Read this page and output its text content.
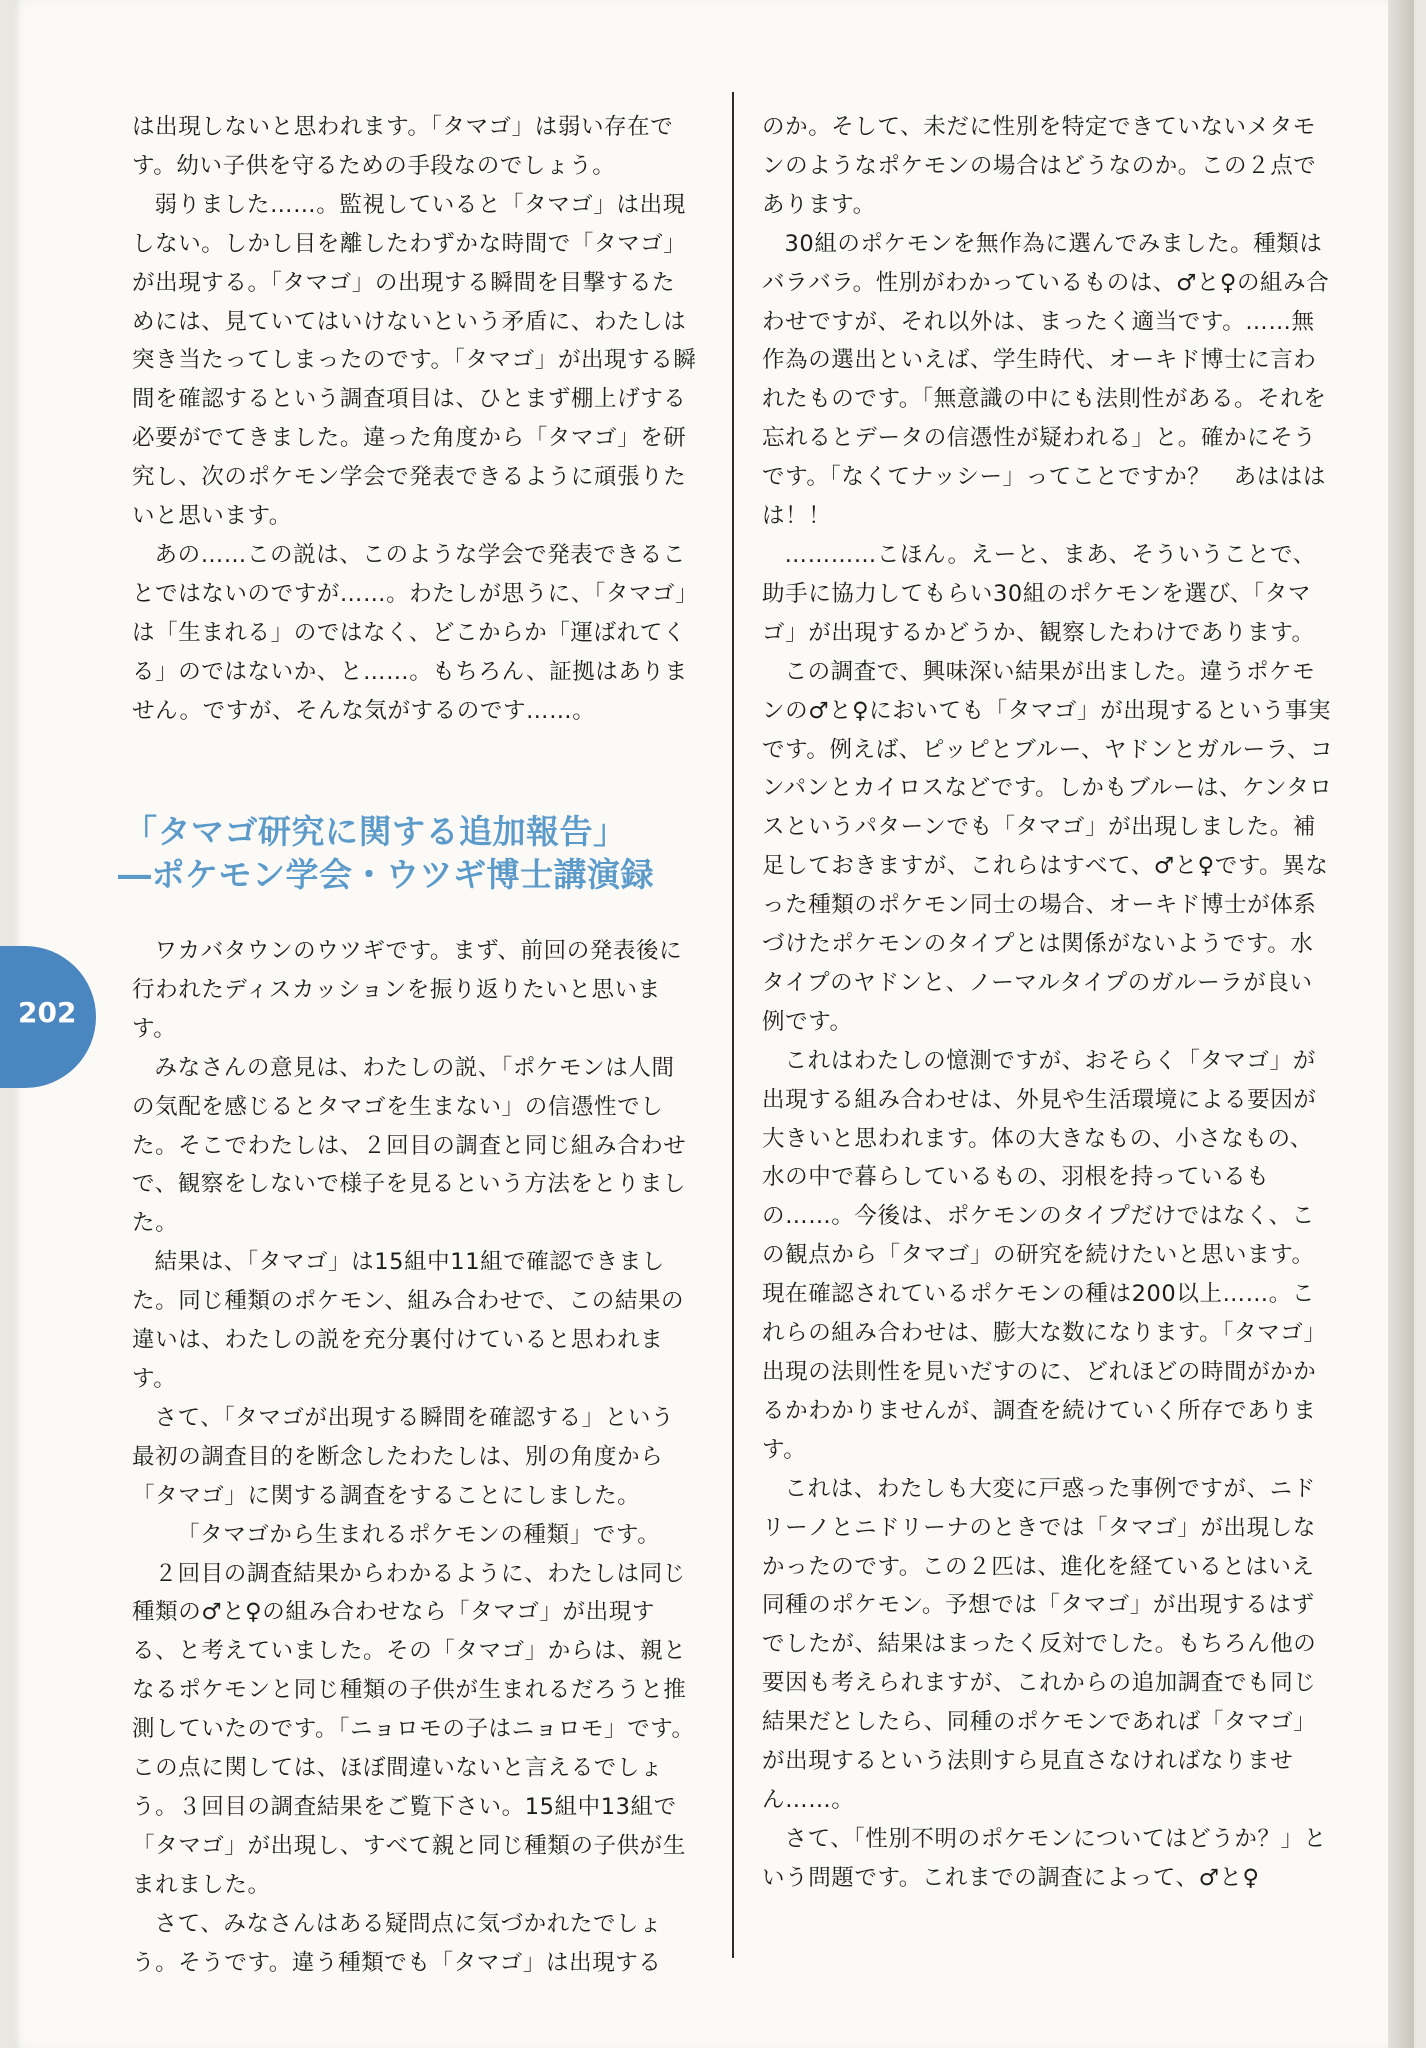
は出現しないと思われます。「タマゴ」は弱い存在です。幼い子供を守るための手段なのでしょう。

弱りました……。監視していると「タマゴ」は出現しない。しかし目を離したわずかな時間で「タマゴ」が出現する。「タマゴ」の出現する瞬間を目撃するためには、見ていてはいけないという矛盾に、わたしは突き当たってしまったのです。「タマゴ」が出現する瞬間を確認するという調査項目は、ひとまず棚上げする必要がでてきました。違った角度から「タマゴ」を研究し、次のポケモン学会で発表できるように頑張りたいと思います。

あの……この説は、このような学会で発表できることではないのですが……。わたしが思うに、「タマゴ」は「生まれる」のではなく、どこからか「運ばれてくる」のではないか、と……。もちろん、証拠はありません。ですが、そんな気がするのです……。

「タマゴ研究に関する追加報告」
―ポケモン学会・ウツギ博士講演録

ワカバタウンのウツギです。まず、前回の発表後に行われたディスカッションを振り返りたいと思います。

みなさんの意見は、わたしの説、「ポケモンは人間の気配を感じるとタマゴを生まない」の信憑性でした。そこでわたしは、２回目の調査と同じ組み合わせで、観察をしないで様子を見るという方法をとりました。

結果は、「タマゴ」は15組中11組で確認できました。同じ種類のポケモン、組み合わせで、この結果の違いは、わたしの説を充分裏付けていると思われます。

さて、「タマゴが出現する瞬間を確認する」という最初の調査目的を断念したわたしは、別の角度から「タマゴ」に関する調査をすることにしました。

「タマゴから生まれるポケモンの種類」です。

２回目の調査結果からわかるように、わたしは同じ種類の♂と♀の組み合わせなら「タマゴ」が出現する、と考えていました。その「タマゴ」からは、親となるポケモンと同じ種類の子供が生まれるだろうと推測していたのです。「ニョロモの子はニョロモ」です。この点に関しては、ほぼ間違いないと言えるでしょう。３回目の調査結果をご覧下さい。15組中13組で「タマゴ」が出現し、すべて親と同じ種類の子供が生まれました。

さて、みなさんはある疑問点に気づかれたでしょう。そうです。違う種類でも「タマゴ」は出現する

のか。そして、未だに性別を特定できていないメタモンのようなポケモンの場合はどうなのか。この２点であります。

30組のポケモンを無作為に選んでみました。種類はバラバラ。性別がわかっているものは、♂と♀の組み合わせですが、それ以外は、まったく適当です。……無作為の選出といえば、学生時代、オーキド博士に言われたものです。「無意識の中にも法則性がある。それを忘れるとデータの信憑性が疑われる」と。確かにそうです。「なくてナッシー」ってことですか？　あはははは！！

…………こほん。えーと、まあ、そういうことで、助手に協力してもらい30組のポケモンを選び、「タマゴ」が出現するかどうか、観察したわけであります。

この調査で、興味深い結果が出ました。違うポケモンの♂と♀においても「タマゴ」が出現するという事実です。例えば、ピッピとブルー、ヤドンとガルーラ、コンパンとカイロスなどです。しかもブルーは、ケンタロスというパターンでも「タマゴ」が出現しました。補足しておきますが、これらはすべて、♂と♀です。異なった種類のポケモン同士の場合、オーキド博士が体系づけたポケモンのタイプとは関係がないようです。水タイプのヤドンと、ノーマルタイプのガルーラが良い例です。

これはわたしの憶測ですが、おそらく「タマゴ」が出現する組み合わせは、外見や生活環境による要因が大きいと思われます。体の大きなもの、小さなもの、水の中で暮らしているもの、羽根を持っているもの……。今後は、ポケモンのタイプだけではなく、この観点から「タマゴ」の研究を続けたいと思います。現在確認されているポケモンの種は200以上……。これらの組み合わせは、膨大な数になります。「タマゴ」出現の法則性を見いだすのに、どれほどの時間がかかるかわかりませんが、調査を続けていく所存であります。

これは、わたしも大変に戸惑った事例ですが、ニドリーノとニドリーナのときでは「タマゴ」が出現しなかったのです。この２匹は、進化を経ているとはいえ同種のポケモン。予想では「タマゴ」が出現するはずでしたが、結果はまったく反対でした。もちろん他の要因も考えられますが、これからの追加調査でも同じ結果だとしたら、同種のポケモンであれば「タマゴ」が出現するという法則すら見直さなければなりません……。

さて、「性別不明のポケモンについてはどうか？」という問題です。これまでの調査によって、♂と♀

202
